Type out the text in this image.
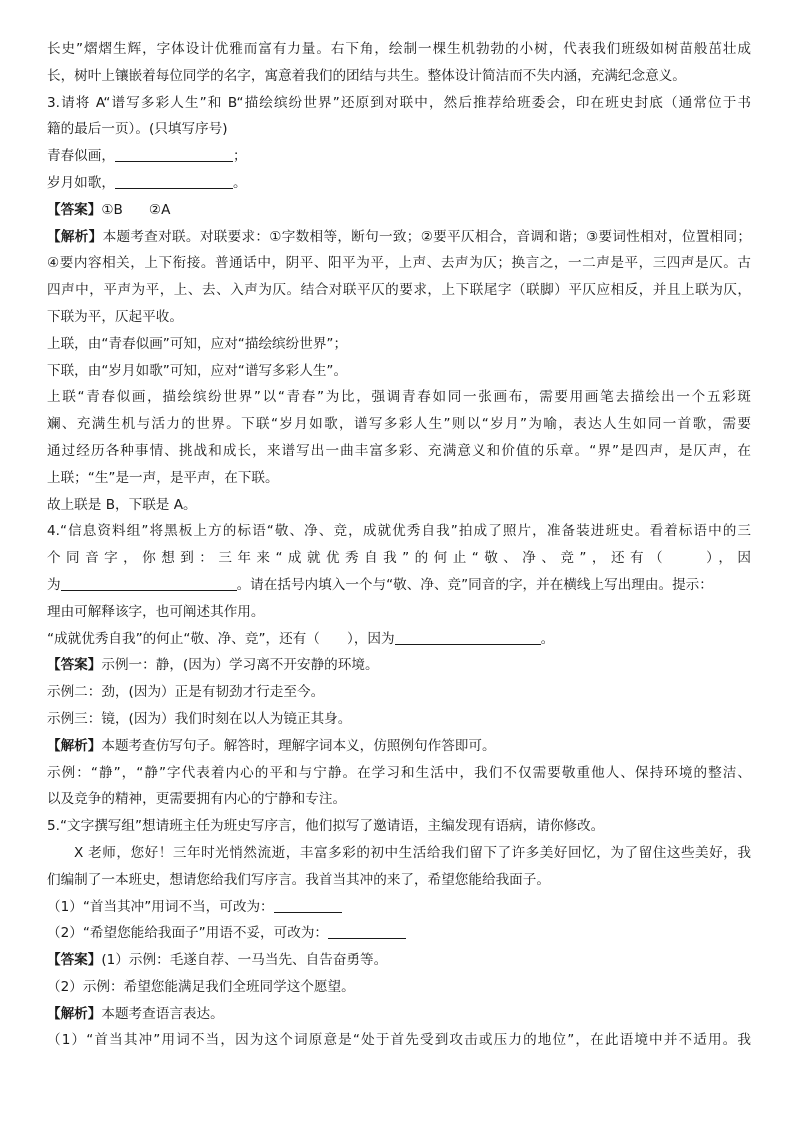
长史”熠熠生辉，字体设计优雅而富有力量。右下角，绘制一棵生机勃勃的小树，代表我们班级如树苗般茁壮成
长，树叶上镶嵌着每位同学的名字，寓意着我们的团结与共生。整体设计简洁而不失内涵，充满纪念意义。
3.请将 A“谱写多彩人生”和 B“描绘缤纷世界”还原到对联中，然后推荐给班委会，印在班史封底（通常位于书
籍的最后一页）。(只填写序号)
青春似画，	；
岁月如歌，	。
【答案】①B ②A
【解析】本题考查对联。对联要求：①字数相等，断句一致；②要平仄相合，音调和谐；③要词性相对，位置相同；
④要内容相关，上下衔接。普通话中，阴平、阳平为平，上声、去声为仄；换言之，一二声是平，三四声是仄。古
四声中，平声为平，上、去、入声为仄。结合对联平仄的要求，上下联尾字（联脚）平仄应相反，并且上联为仄，
下联为平，仄起平收。
上联，由“青春似画”可知，应对“描绘缤纷世界”；
下联，由“岁月如歌”可知，应对“谱写多彩人生”。
上联“青春似画，描绘缤纷世界”以“青春”为比，强调青春如同一张画布，需要用画笔去描绘出一个五彩斑
斓、充满生机与活力的世界。下联“岁月如歌，谱写多彩人生”则以“岁月”为喻，表达人生如同一首歌，需要
通过经历各种事情、挑战和成长，来谱写出一曲丰富多彩、充满意义和价值的乐章。“界”是四声，是仄声，在
上联；“生”是一声，是平声，在下联。
故上联是 B，下联是 A。
4.“信息资料组”将黑板上方的标语“敬、净、竞，成就优秀自我”拍成了照片，准备装进班史。看着标语中的三
个同音字，你想到：三年来“成就优秀自我”的何止“敬、净、竞”，还有（　　），因
为	。请在括号内填入一个与“敬、净、竞”同音的字，并在横线上写出理由。提示：
理由可解释该字，也可阐述其作用。
“成就优秀自我”的何止“敬、净、竞”，还有（　　），因为	。
【答案】示例一：静，(因为）学习离不开安静的环境。
示例二：劲，(因为）正是有韧劲才行走至今。
示例三：镜，(因为）我们时刻在以人为镜正其身。
【解析】本题考查仿写句子。解答时，理解字词本义，仿照例句作答即可。
示例：“静”，“静”字代表着内心的平和与宁静。在学习和生活中，我们不仅需要敬重他人、保持环境的整洁、
以及竞争的精神，更需要拥有内心的宁静和专注。
5.“文字撰写组”想请班主任为班史写序言，他们拟写了邀请语，主编发现有语病，请你修改。
X 老师，您好！三年时光悄然流逝，丰富多彩的初中生活给我们留下了许多美好回忆，为了留住这些美好，我
们编制了一本班史，想请您给我们写序言。我首当其冲的来了，希望您能给我面子。
（1）“首当其冲”用词不当，可改为：
（2）“希望您能给我面子”用语不妥，可改为：
【答案】(1）示例：毛遂自荐、一马当先、自告奋勇等。
（2）示例：希望您能满足我们全班同学这个愿望。
【解析】本题考查语言表达。
（1）“首当其冲”用词不当，因为这个词原意是“处于首先受到攻击或压力的地位”，在此语境中并不适用。我
